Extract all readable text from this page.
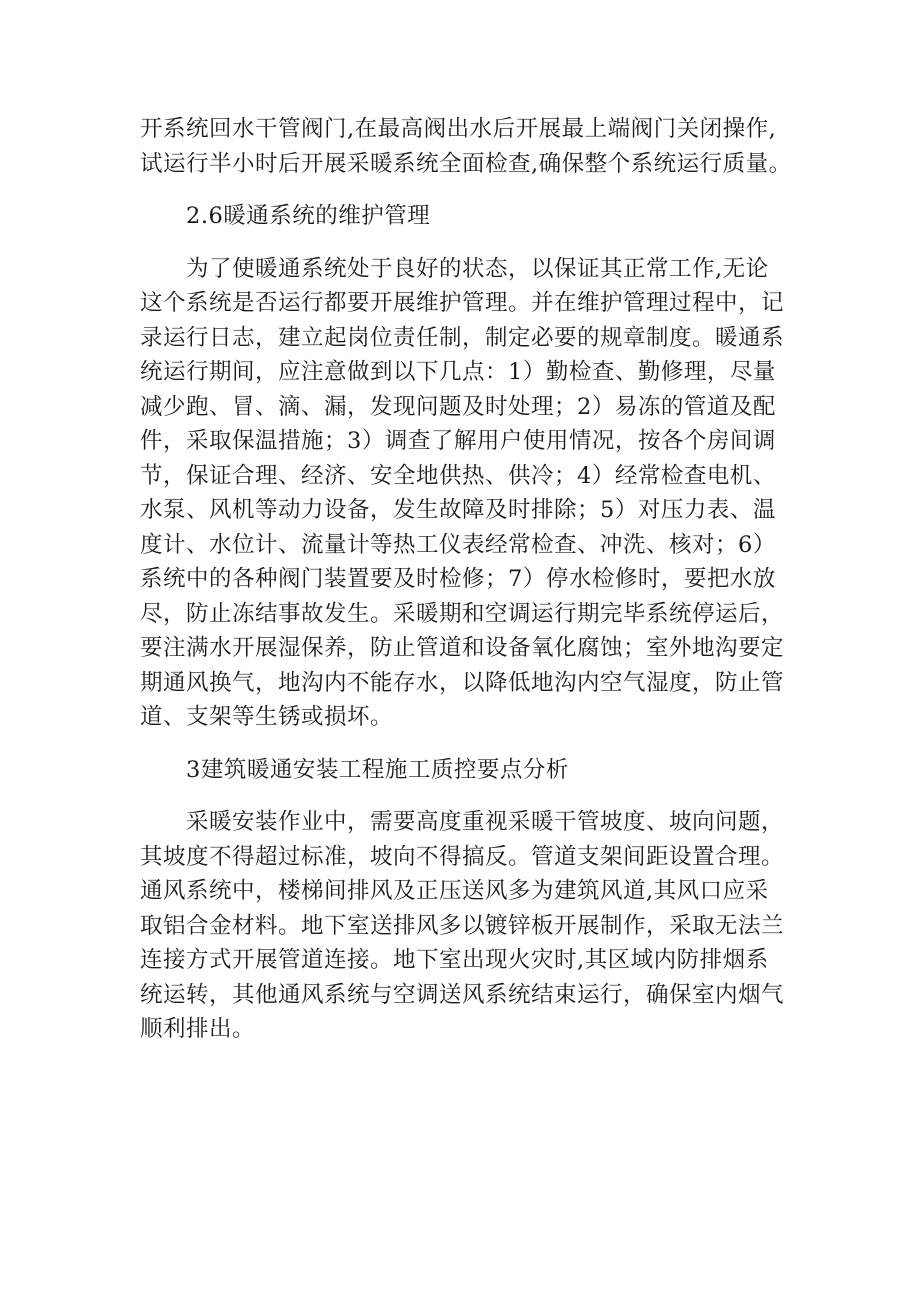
开系统回水干管阀门,在最高阀出水后开展最上端阀门关闭操作,
试运行半小时后开展采暖系统全面检查,确保整个系统运行质量。
2.6暖通系统的维护管理
为了使暖通系统处于良好的状态，以保证其正常工作,无论
这个系统是否运行都要开展维护管理。并在维护管理过程中，记
录运行日志，建立起岗位责任制，制定必要的规章制度。暖通系
统运行期间，应注意做到以下几点：1）勤检查、勤修理，尽量
减少跑、冒、滴、漏，发现问题及时处理；2）易冻的管道及配
件，采取保温措施；3）调查了解用户使用情况，按各个房间调
节，保证合理、经济、安全地供热、供冷；4）经常检查电机、
水泵、风机等动力设备，发生故障及时排除；5）对压力表、温
度计、水位计、流量计等热工仪表经常检查、冲洗、核对；6）
系统中的各种阀门装置要及时检修；7）停水检修时，要把水放
尽，防止冻结事故发生。采暖期和空调运行期完毕系统停运后，
要注满水开展湿保养，防止管道和设备氧化腐蚀；室外地沟要定
期通风换气，地沟内不能存水，以降低地沟内空气湿度，防止管
道、支架等生锈或损坏。
3建筑暖通安装工程施工质控要点分析
采暖安装作业中，需要高度重视采暖干管坡度、坡向问题，
其坡度不得超过标准，坡向不得搞反。管道支架间距设置合理。
通风系统中，楼梯间排风及正压送风多为建筑风道,其风口应采
取铝合金材料。地下室送排风多以镀锌板开展制作，采取无法兰
连接方式开展管道连接。地下室出现火灾时,其区域内防排烟系
统运转，其他通风系统与空调送风系统结束运行，确保室内烟气
顺利排出。
